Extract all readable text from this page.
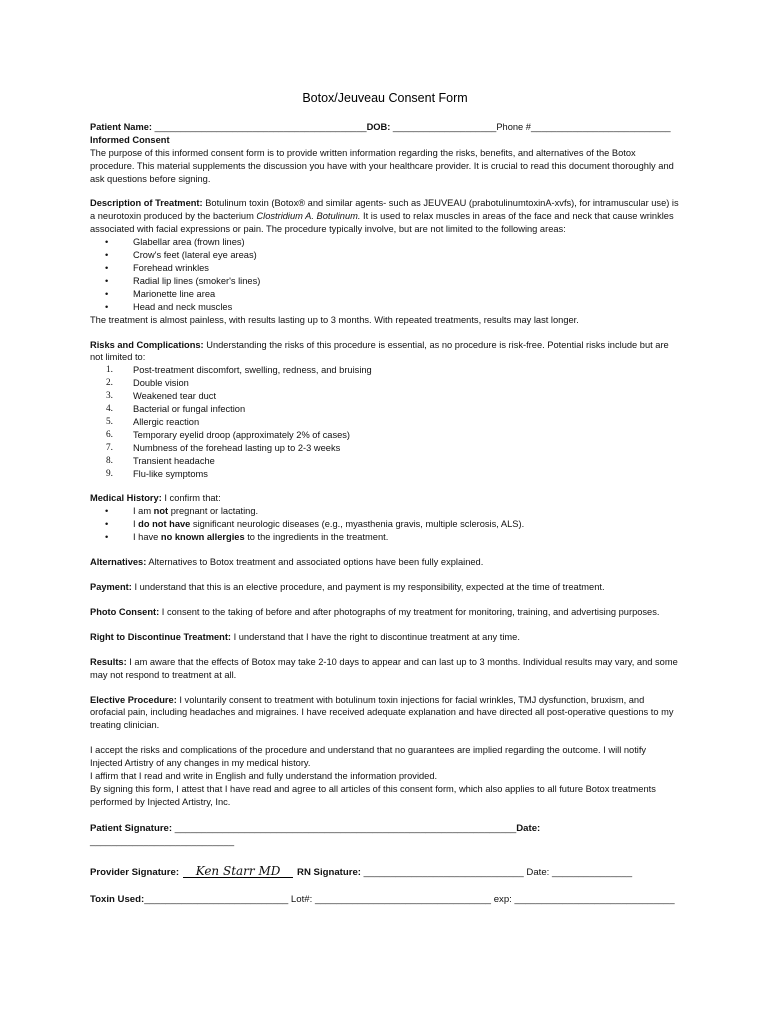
Botox/Jeuveau Consent Form

Patient Name: _________________________________________DOB: ____________________Phone #___________________________

Informed Consent

The purpose of this informed consent form is to provide written information regarding the risks, benefits, and alternatives of the Botox procedure. This material supplements the discussion you have with your healthcare provider. It is crucial to read this document thoroughly and ask questions before signing.

Description of Treatment: Botulinum toxin (Botox® and similar agents- such as JEUVEAU (prabotulinumtoxinA-xvfs), for intramuscular use) is a neurotoxin produced by the bacterium Clostridium A. Botulinum. It is used to relax muscles in areas of the face and neck that cause wrinkles associated with facial expressions or pain. The procedure typically involve, but are not limited to the following areas:

• Glabellar area (frown lines)
• Crow's feet (lateral eye areas)
• Forehead wrinkles
• Radial lip lines (smoker's lines)
• Marionette line area
• Head and neck muscles

The treatment is almost painless, with results lasting up to 3 months. With repeated treatments, results may last longer.

Risks and Complications: Understanding the risks of this procedure is essential, as no procedure is risk-free. Potential risks include but are not limited to:

1. Post-treatment discomfort, swelling, redness, and bruising
2. Double vision
3. Weakened tear duct
4. Bacterial or fungal infection
5. Allergic reaction
6. Temporary eyelid droop (approximately 2% of cases)
7. Numbness of the forehead lasting up to 2-3 weeks
8. Transient headache
9. Flu-like symptoms

Medical History: I confirm that:

• I am not pregnant or lactating.
• I do not have significant neurologic diseases (e.g., myasthenia gravis, multiple sclerosis, ALS).
• I have no known allergies to the ingredients in the treatment.

Alternatives: Alternatives to Botox treatment and associated options have been fully explained.

Payment: I understand that this is an elective procedure, and payment is my responsibility, expected at the time of treatment.

Photo Consent: I consent to the taking of before and after photographs of my treatment for monitoring, training, and advertising purposes.

Right to Discontinue Treatment: I understand that I have the right to discontinue treatment at any time.

Results: I am aware that the effects of Botox may take 2-10 days to appear and can last up to 3 months. Individual results may vary, and some may not respond to treatment at all.

Elective Procedure: I voluntarily consent to treatment with botulinum toxin injections for facial wrinkles, TMJ dysfunction, bruxism, and orofacial pain, including headaches and migraines. I have received adequate explanation and have directed all post-operative questions to my treating clinician.

I accept the risks and complications of the procedure and understand that no guarantees are implied regarding the outcome. I will notify Injected Artistry of any changes in my medical history.

I affirm that I read and write in English and fully understand the information provided.

By signing this form, I attest that I have read and agree to all articles of this consent form, which also applies to all future Botox treatments performed by Injected Artistry, Inc.

Patient Signature: ________________________________________________________________Date: ___________________________

Provider Signature: Ken Starr MD RN Signature: ______________________________ Date: _______________

Toxin Used:___________________________ Lot#: _________________________________ exp: ______________________________
